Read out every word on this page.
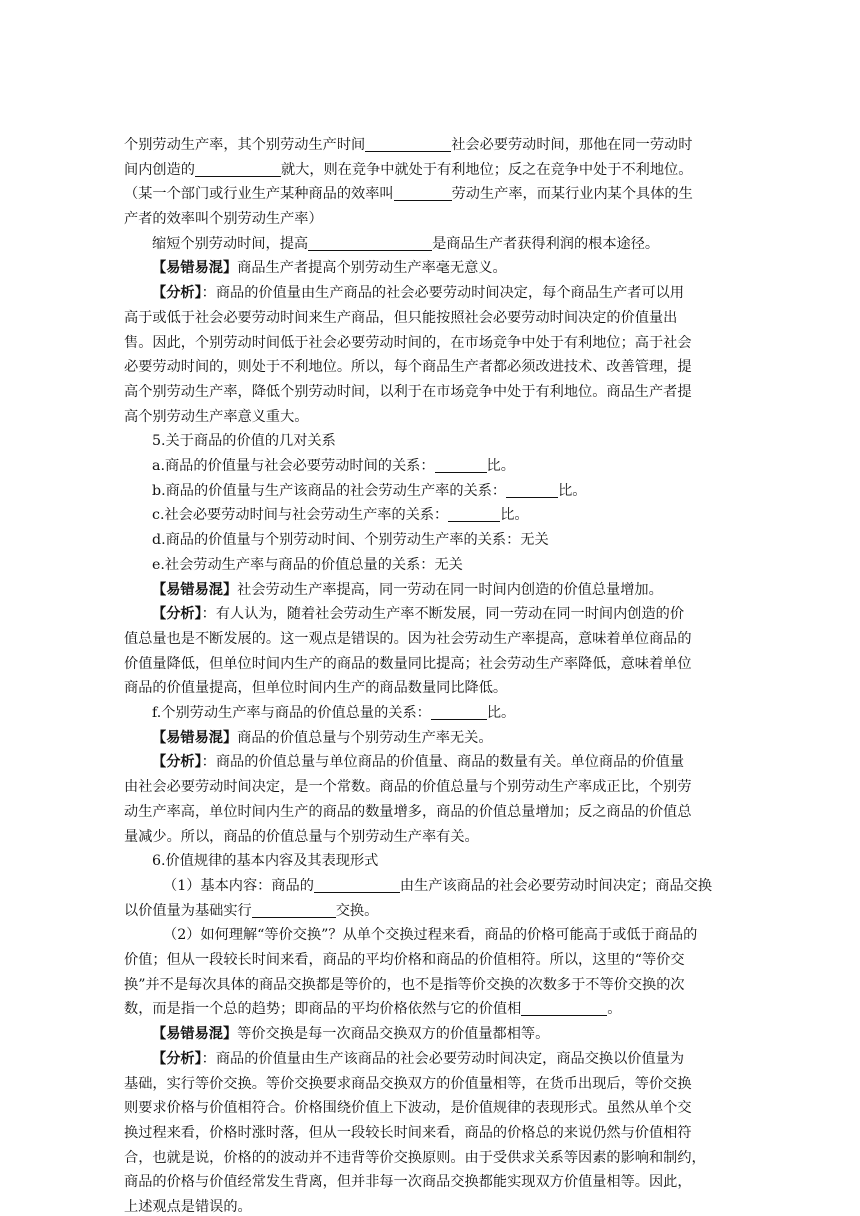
个别劳动生产率，其个别劳动生产时间	社会必要劳动时间，那他在同一劳动时
间内创造的	就大，则在竞争中就处于有利地位；反之在竞争中处于不利地位。
（某一个部门或行业生产某种商品的效率叫	劳动生产率，而某行业内某个具体的生
产者的效率叫个别劳动生产率）
缩短个别劳动时间，提高	是商品生产者获得利润的根本途径。
【易错易混】商品生产者提高个别劳动生产率毫无意义。
【分析】：商品的价值量由生产商品的社会必要劳动时间决定，每个商品生产者可以用
高于或低于社会必要劳动时间来生产商品，但只能按照社会必要劳动时间决定的价值量出
售。因此，个别劳动时间低于社会必要劳动时间的，在市场竞争中处于有利地位；高于社会
必要劳动时间的，则处于不利地位。所以，每个商品生产者都必须改进技术、改善管理，提
高个别劳动生产率，降低个别劳动时间，以利于在市场竞争中处于有利地位。商品生产者提
高个别劳动生产率意义重大。
5.关于商品的价值的几对关系
a.商品的价值量与社会必要劳动时间的关系：	比。
b.商品的价值量与生产该商品的社会劳动生产率的关系：	比。
c.社会必要劳动时间与社会劳动生产率的关系：	比。
d.商品的价值量与个别劳动时间、个别劳动生产率的关系：无关
e.社会劳动生产率与商品的价值总量的关系：无关
【易错易混】社会劳动生产率提高，同一劳动在同一时间内创造的价值总量增加。
【分析】：有人认为，随着社会劳动生产率不断发展，同一劳动在同一时间内创造的价
值总量也是不断发展的。这一观点是错误的。因为社会劳动生产率提高，意味着单位商品的
价值量降低，但单位时间内生产的商品的数量同比提高；社会劳动生产率降低，意味着单位
商品的价值量提高，但单位时间内生产的商品数量同比降低。
f.个别劳动生产率与商品的价值总量的关系：	比。
【易错易混】商品的价值总量与个别劳动生产率无关。
【分析】：商品的价值总量与单位商品的价值量、商品的数量有关。单位商品的价值量
由社会必要劳动时间决定，是一个常数。商品的价值总量与个别劳动生产率成正比，个别劳
动生产率高，单位时间内生产的商品的数量增多，商品的价值总量增加；反之商品的价值总
量减少。所以，商品的价值总量与个别劳动生产率有关。
6.价值规律的基本内容及其表现形式
（1）基本内容：商品的	由生产该商品的社会必要劳动时间决定；商品交换
以价值量为基础实行	交换。
（2）如何理解“等价交换”？从单个交换过程来看，商品的价格可能高于或低于商品的
价值；但从一段较长时间来看，商品的平均价格和商品的价值相符。所以，这里的“等价交
换”并不是每次具体的商品交换都是等价的，也不是指等价交换的次数多于不等价交换的次
数，而是指一个总的趋势；即商品的平均价格依然与它的价值相	。
【易错易混】等价交换是每一次商品交换双方的价值量都相等。
【分析】：商品的价值量由生产该商品的社会必要劳动时间决定，商品交换以价值量为
基础，实行等价交换。等价交换要求商品交换双方的价值量相等，在货币出现后，等价交换
则要求价格与价值相符合。价格围绕价值上下波动，是价值规律的表现形式。虽然从单个交
换过程来看，价格时涨时落，但从一段较长时间来看，商品的价格总的来说仍然与价值相符
合，也就是说，价格的的波动并不违背等价交换原则。由于受供求关系等因素的影响和制约，
商品的价格与价值经常发生背离，但并非每一次商品交换都能实现双方价值量相等。因此，
上述观点是错误的。
